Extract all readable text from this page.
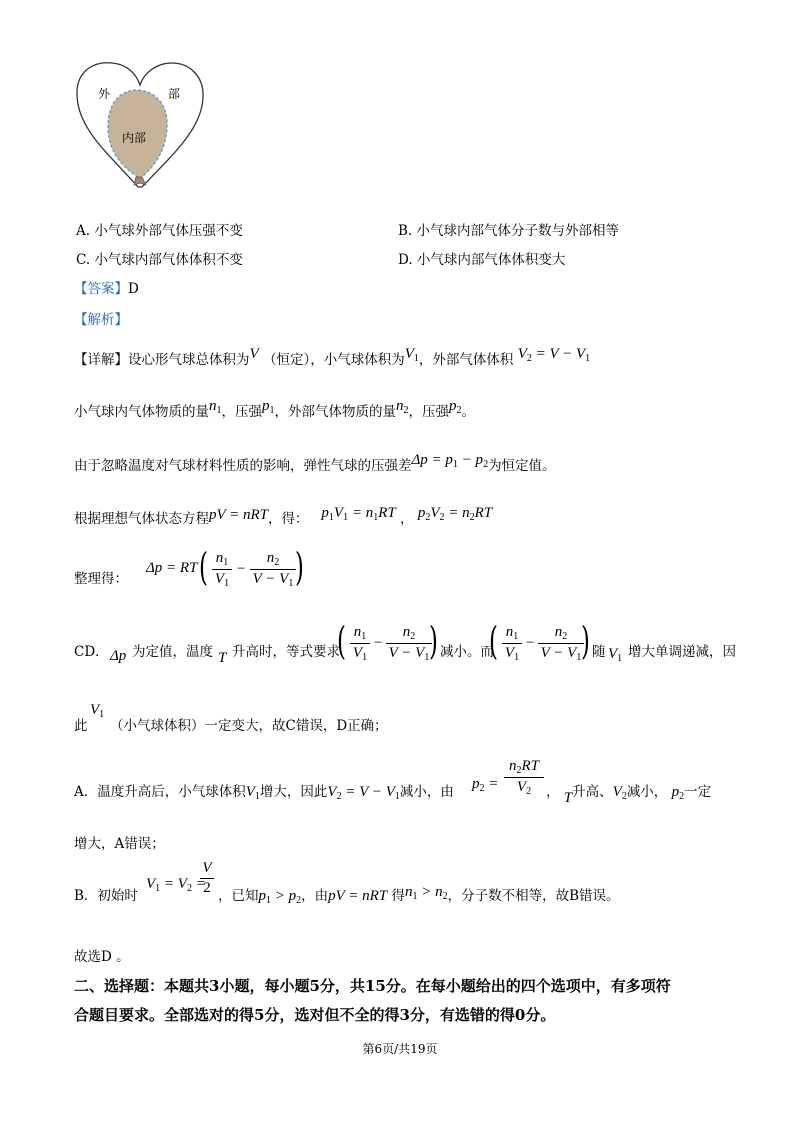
外	部
内部
A. 小气球外部气体压强不变	B. 小气球内部气体分子数与外部相等
C. 小气球内部气体体积不变	D. 小气球内部气体体积变大
【答案】D
【解析】
【详解】设心形气球总体积为V （恒定），小气球体积为$V_1$，外部气体体积 $V_2 = V - V_1$
小气球内气体物质的量$n_1$，压强$p_1$，外部气体物质的量$n_2$，压强$p_2$。
由于忽略温度对气球材料性质的影响，弹性气球的压强差$\Delta p = p_1 - p_2$为恒定值。
根据理想气体状态方程pV = nRT，得： $p_1V_1 = n_1RT$ ， $p_2V_2 = n_2RT$
整理得：
Δp = RT ( $n_1$
$V_1$
−
$n_2$
$V - V_1$ )
CD． Δp 为定值，温度 T 升高时，等式要求
( $n_1$
$V_1$
−
$n_2$
$V - V_1$ ) 减小。而
( $n_1$
$V_1$
−
$n_2$
$V - V_1$ ) 随 $V_1$ 增大单调递减，因
此
$V_1$
（小气球体积）一定变大，故C错误，D正确；
A．温度升高后，小气球体积$V_1$增大，因此$V_2 = V - V_1$减小，由 $p_2$ =
$n_2RT$
$V_2$	， T升高、$V_2$减小， $p_2$一定
增大，A错误；
B．初始时
$V_1 = V_2$ =
V
2 ，已知$p_1 > p_2$，由pV = nRT 得$n_1 > n_2$，分子数不相等，故B错误。
故选D 。
二、选择题：本题共3小题，每小题5分，共15分。在每小题给出的四个选项中，有多项符
合题目要求。全部选对的得5分，选对但不全的得3分，有选错的得0分。
第6页/共19页
